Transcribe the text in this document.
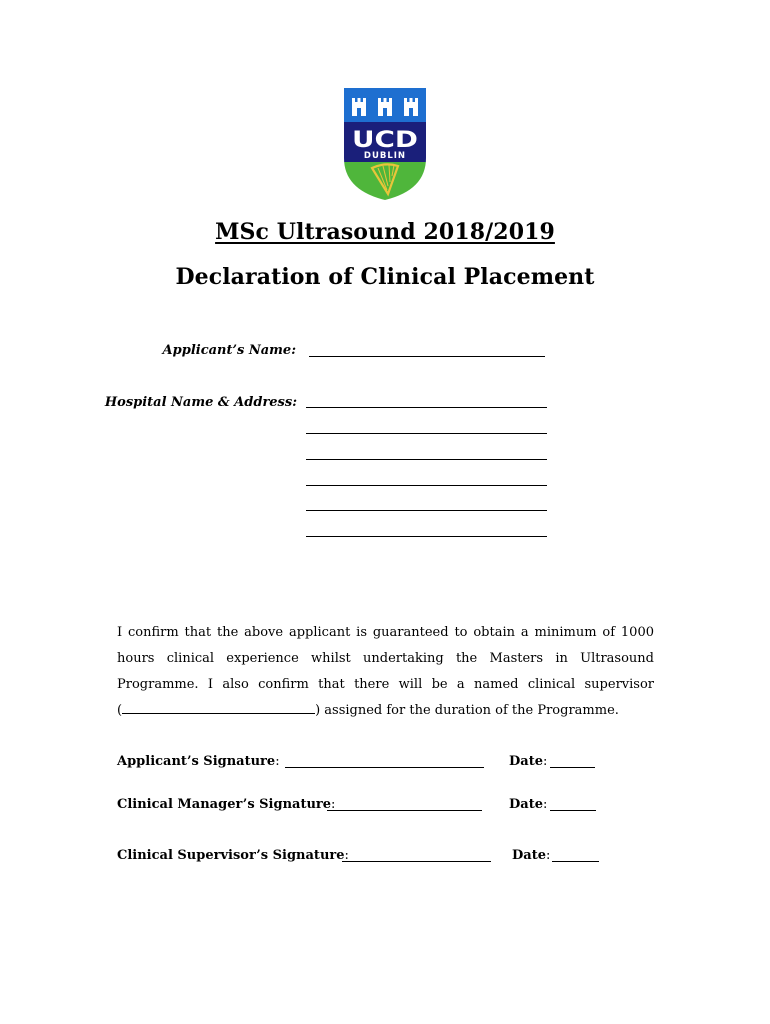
UCD
DUBLIN
MSc Ultrasound 2018/2019
Declaration of Clinical Placement
Applicant’s Name:
Hospital Name & Address:
I confirm that the above applicant is guaranteed to obtain a minimum of 1000
hours clinical experience whilst undertaking the Masters in Ultrasound
Programme. I also confirm that there will be a named clinical supervisor
(	) assigned for the duration of the Programme.
Applicant’s Signature:	Date:
Clinical Manager’s Signature:	Date:
Clinical Supervisor’s Signature:	Date:
